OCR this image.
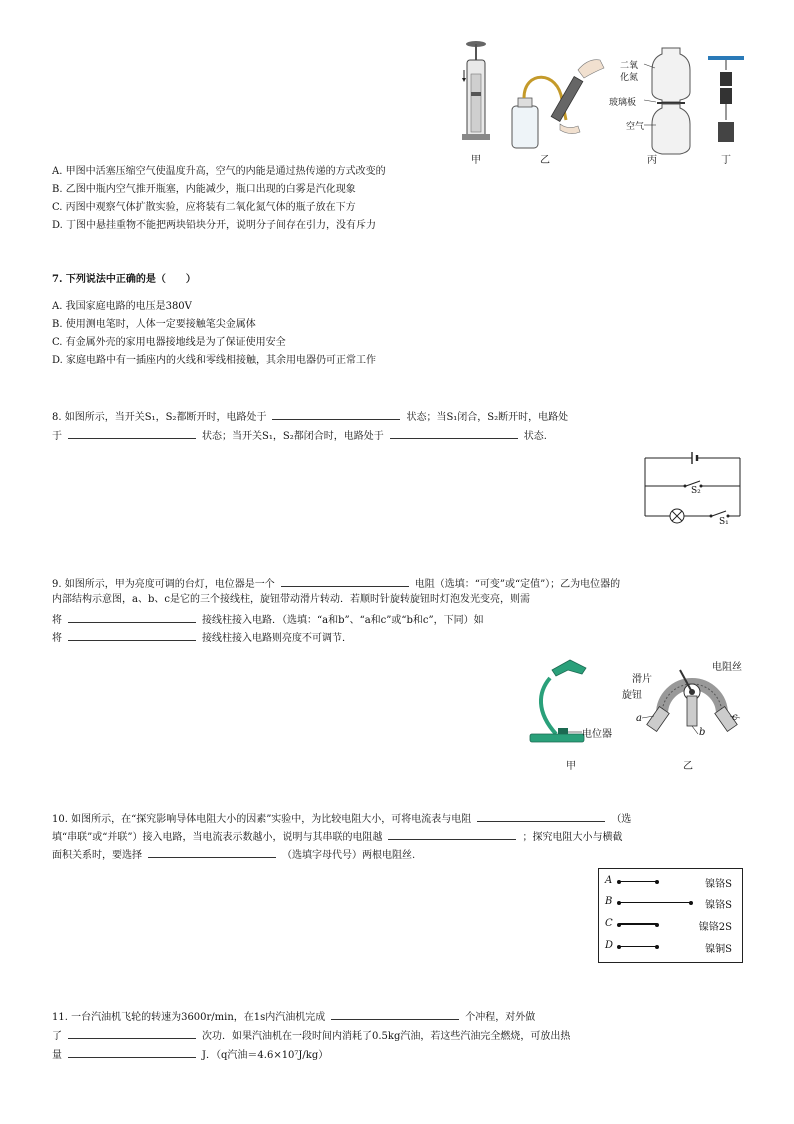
二氧
化氮
玻璃板
空气
甲	乙	丙	丁
A. 甲图中活塞压缩空气使温度升高，空气的内能是通过热传递的方式改变的
B. 乙图中瓶内空气推开瓶塞，内能减少，瓶口出现的白雾是汽化现象
C. 丙图中观察气体扩散实验，应将装有二氧化氮气体的瓶子放在下方
D. 丁图中悬挂重物不能把两块铅块分开，说明分子间存在引力，没有斥力
7. 下列说法中正确的是（　　）
A. 我国家庭电路的电压是380V
B. 使用测电笔时，人体一定要接触笔尖金属体
C. 有金属外壳的家用电器接地线是为了保证使用安全
D. 家庭电路中有一插座内的火线和零线相接触，其余用电器仍可正常工作
8. 如图所示，当开关S₁，S₂都断开时，电路处于	状态；当S₁闭合，S₂断开时，电路处
于	状态；当开关S₁，S₂都闭合时，电路处于	状态.
S₂
S₁
9. 如图所示，甲为亮度可调的台灯，电位器是一个	电阻（选填：“可变”或“定值”）；乙为电位器的
内部结构示意图，a、b、c是它的三个接线柱，旋钮带动滑片转动．若顺时针旋转旋钮时灯泡发光变亮，则需
将	接线柱接入电路．（选填：“a和b”、“a和c”或“b和c”，下同）如
将	接线柱接入电路则亮度不可调节．
电位器
甲
滑片
旋钮
电阻丝
a
b
c
乙
10. 如图所示，在“探究影响导体电阻大小的因素”实验中，为比较电阻大小，可将电流表与电阻	（选
填“串联”或“并联”）接入电路，当电流表示数越小，说明与其串联的电阻越	；探究电阻大小与横截
面积关系时，要选择	（选填字母代号）两根电阻丝.
A	镍铬S
B	镍铬S
C	镍铬2S
D	镍铜S
11. 一台汽油机飞轮的转速为3600r/min，在1s内汽油机完成	个冲程，对外做
了	次功．如果汽油机在一段时间内消耗了0.5kg汽油，若这些汽油完全燃烧，可放出热
量	J．（q汽油＝4.6×10⁷J/kg）
